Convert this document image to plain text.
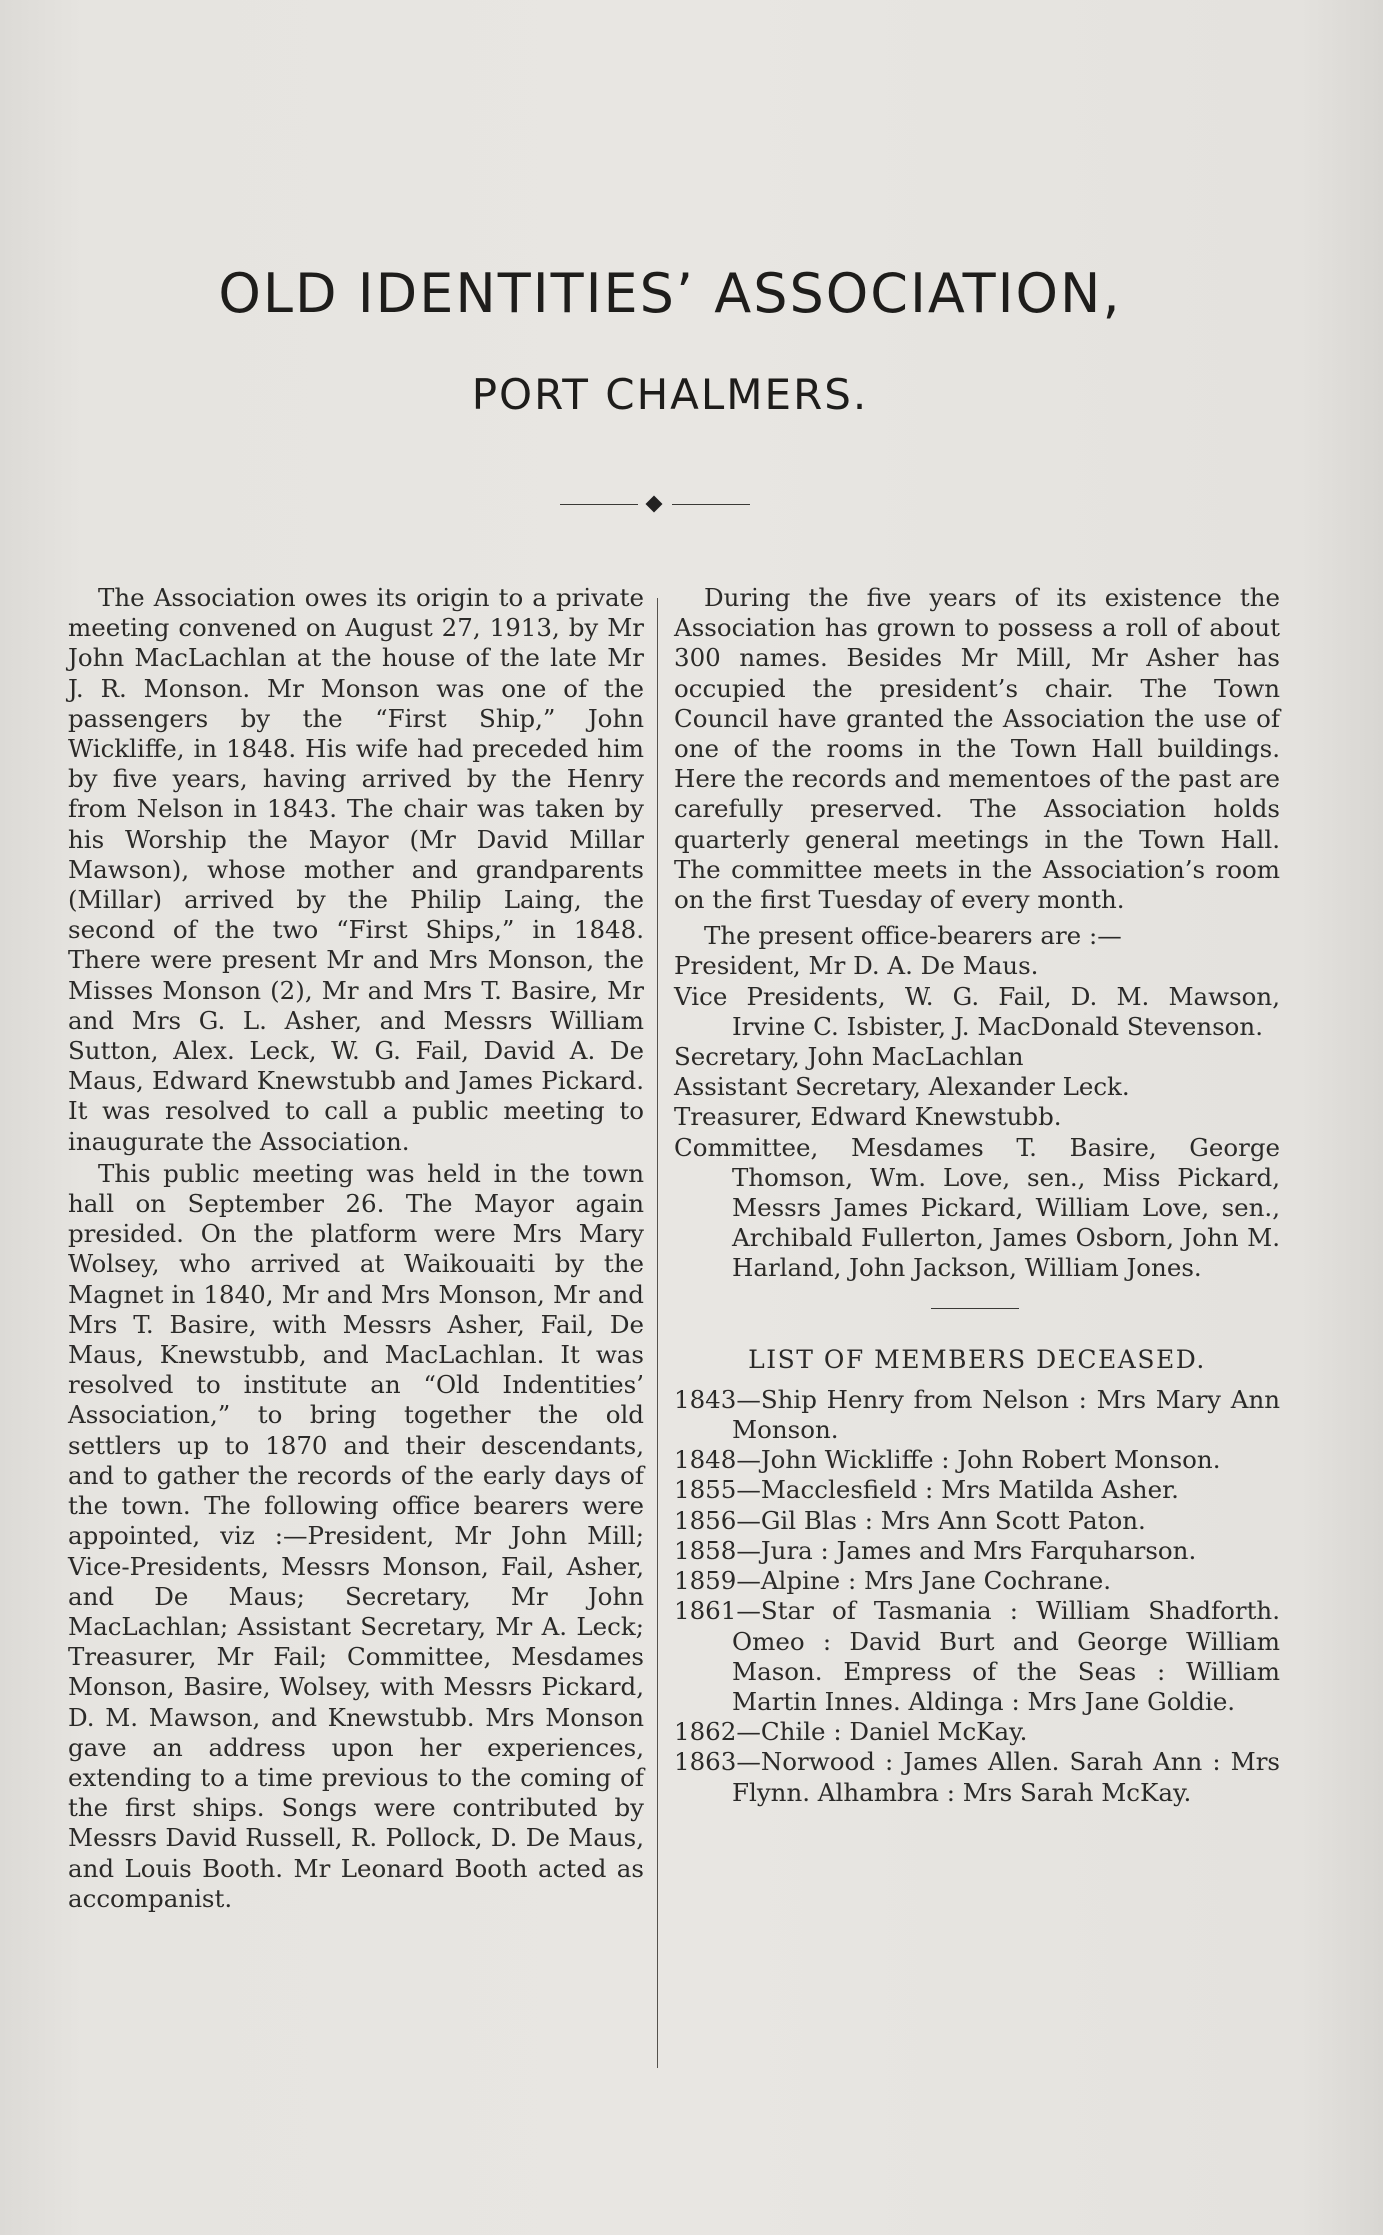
OLD IDENTITIES’ ASSOCIATION,
PORT CHALMERS.

The Association owes its origin to a private meeting convened on August 27, 1913, by Mr John MacLachlan at the house of the late Mr J. R. Monson. Mr Monson was one of the passengers by the “First Ship,” John Wickliffe, in 1848. His wife had preceded him by five years, having arrived by the Henry from Nelson in 1843. The chair was taken by his Worship the Mayor (Mr David Millar Mawson), whose mother and grandparents (Millar) arrived by the Philip Laing, the second of the two “First Ships,” in 1848. There were present Mr and Mrs Monson, the Misses Monson (2), Mr and Mrs T. Basire, Mr and Mrs G. L. Asher, and Messrs William Sutton, Alex. Leck, W. G. Fail, David A. De Maus, Edward Knewstubb and James Pickard. It was resolved to call a public meeting to inaugurate the Association.

This public meeting was held in the town hall on September 26. The Mayor again presided. On the platform were Mrs Mary Wolsey, who arrived at Waikouaiti by the Magnet in 1840, Mr and Mrs Monson, Mr and Mrs T. Basire, with Messrs Asher, Fail, De Maus, Knewstubb, and MacLachlan. It was resolved to institute an “Old Indentities’ Association,” to bring together the old settlers up to 1870 and their descendants, and to gather the records of the early days of the town. The following office bearers were appointed, viz :—President, Mr John Mill; Vice-Presidents, Messrs Monson, Fail, Asher, and De Maus; Secretary, Mr John MacLachlan; Assistant Secretary, Mr A. Leck; Treasurer, Mr Fail; Committee, Mesdames Monson, Basire, Wolsey, with Messrs Pickard, D. M. Mawson, and Knewstubb. Mrs Monson gave an address upon her experiences, extending to a time previous to the coming of the first ships. Songs were contributed by Messrs David Russell, R. Pollock, D. De Maus, and Louis Booth. Mr Leonard Booth acted as accompanist.

During the five years of its existence the Association has grown to possess a roll of about 300 names. Besides Mr Mill, Mr Asher has occupied the president’s chair. The Town Council have granted the Association the use of one of the rooms in the Town Hall buildings. Here the records and mementoes of the past are carefully preserved. The Association holds quarterly general meetings in the Town Hall. The committee meets in the Association’s room on the first Tuesday of every month.

The present office-bearers are :—
President, Mr D. A. De Maus.
Vice Presidents, W. G. Fail, D. M. Mawson, Irvine C. Isbister, J. MacDonald Stevenson.
Secretary, John MacLachlan
Assistant Secretary, Alexander Leck.
Treasurer, Edward Knewstubb.
Committee, Mesdames T. Basire, George Thomson, Wm. Love, sen., Miss Pickard, Messrs James Pickard, William Love, sen., Archibald Fullerton, James Osborn, John M. Harland, John Jackson, William Jones.
LIST OF MEMBERS DECEASED.
1843—Ship Henry from Nelson : Mrs Mary Ann Monson.
1848—John Wickliffe : John Robert Monson.
1855—Macclesfield : Mrs Matilda Asher.
1856—Gil Blas : Mrs Ann Scott Paton.
1858—Jura : James and Mrs Farquharson.
1859—Alpine : Mrs Jane Cochrane.
1861—Star of Tasmania : William Shadforth. Omeo : David Burt and George William Mason. Empress of the Seas : William Martin Innes. Aldinga : Mrs Jane Goldie.
1862—Chile : Daniel McKay.
1863—Norwood : James Allen. Sarah Ann : Mrs Flynn. Alhambra : Mrs Sarah McKay.
